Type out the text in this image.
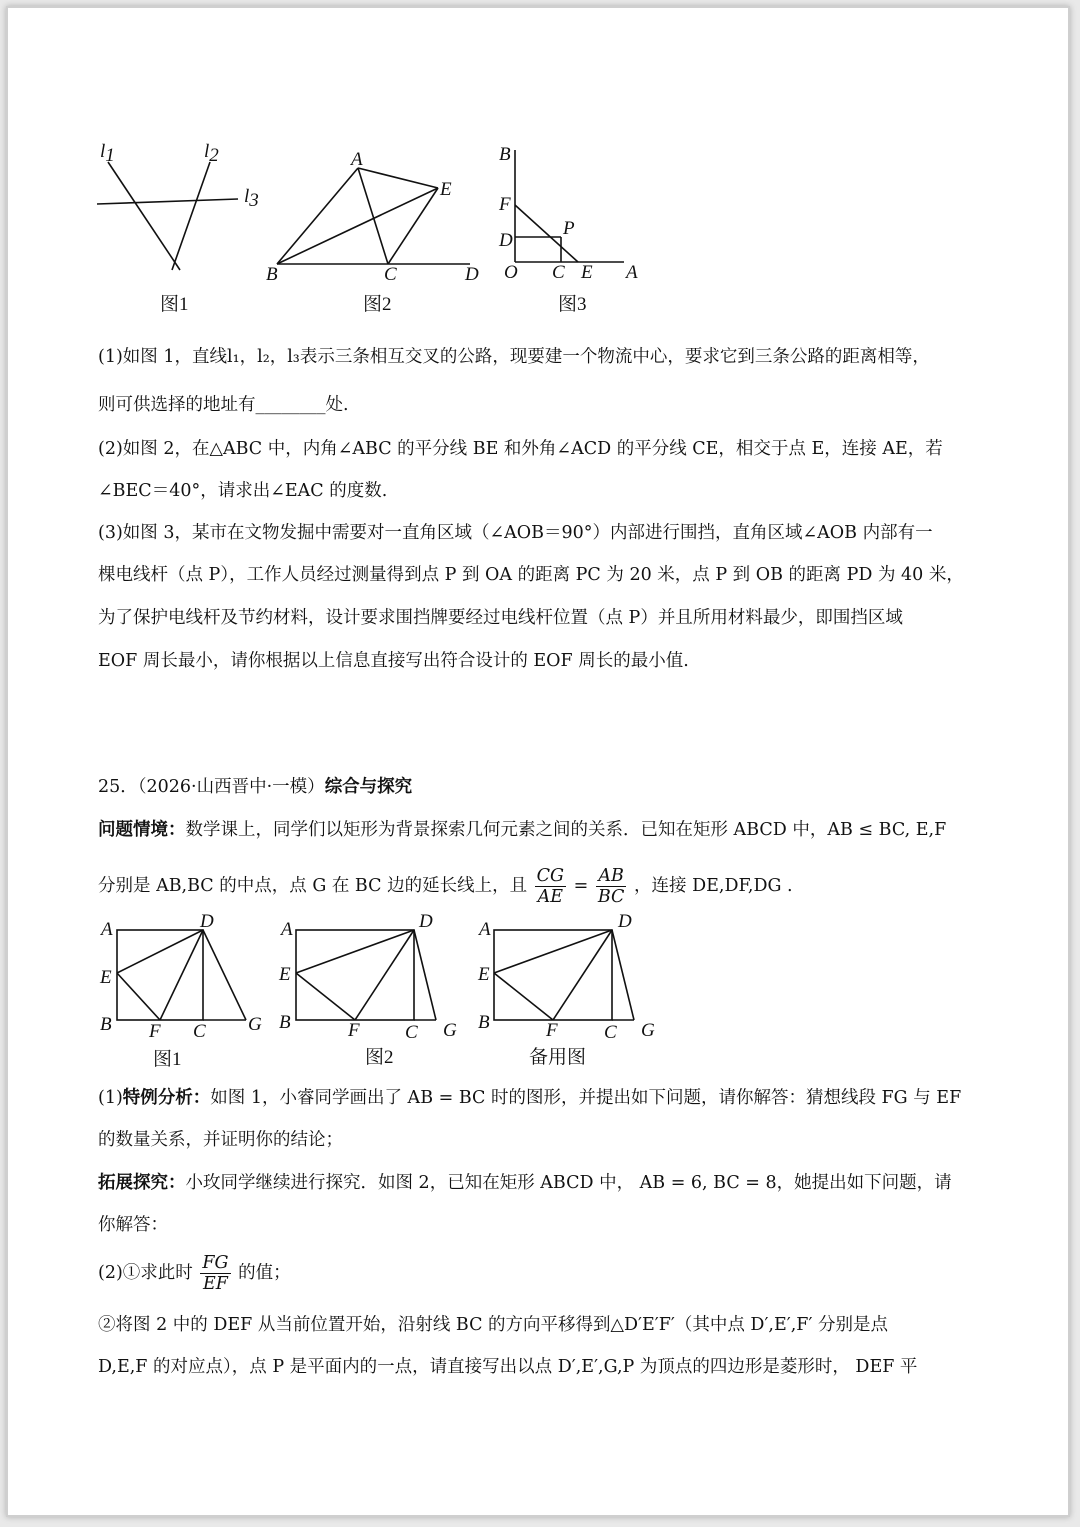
l1	l2
l3
图1
A
E
B	C	D
图2
B
F
P
D
O C E A
图3
(1)如图 1，直线l₁，l₂，l₃表示三条相互交叉的公路，现要建一个物流中心，要求它到三条公路的距离相等，
则可供选择的地址有________处.
(2)如图 2，在△ABC 中，内角∠ABC 的平分线 BE 和外角∠ACD 的平分线 CE，相交于点 E，连接 AE，若
∠BEC＝40°，请求出∠EAC 的度数.
(3)如图 3，某市在文物发掘中需要对一直角区域（∠AOB＝90°）内部进行围挡，直角区域∠AOB 内部有一
棵电线杆（点 P），工作人员经过测量得到点 P 到 OA 的距离 PC 为 20 米，点 P 到 OB 的距离 PD 为 40 米，
为了保护电线杆及节约材料，设计要求围挡牌要经过电线杆位置（点 P）并且所用材料最少，即围挡区域
EOF 周长最小，请你根据以上信息直接写出符合设计的 EOF 周长的最小值.
25．（2026·山西晋中·一模）综合与探究
问题情境：数学课上，同学们以矩形为背景探索几何元素之间的关系．已知在矩形 ABCD 中，AB ≤ BC, E,F
分别是 AB,BC 的中点，点 G 在 BC 边的延长线上，且 $\frac{CG}{AE} = \frac{AB}{BC}$ ，连接 DE,DF,DG .
A	D
E
B F C G
图1
A	D
E
B	F C G
图2
A	D
E
B	F C G
备用图
(1)特例分析：如图 1，小睿同学画出了 AB = BC 时的图形，并提出如下问题，请你解答：猜想线段 FG 与 EF
的数量关系，并证明你的结论；
拓展探究：小玫同学继续进行探究．如图 2，已知在矩形 ABCD 中， AB = 6, BC = 8，她提出如下问题，请
你解答：
(2)①求此时 $\frac{FG}{EF}$ 的值；
②将图 2 中的 DEF 从当前位置开始，沿射线 BC 的方向平移得到△D′E′F′（其中点 D′,E′,F′ 分别是点
D,E,F 的对应点），点 P 是平面内的一点，请直接写出以点 D′,E′,G,P 为顶点的四边形是菱形时， DEF 平
